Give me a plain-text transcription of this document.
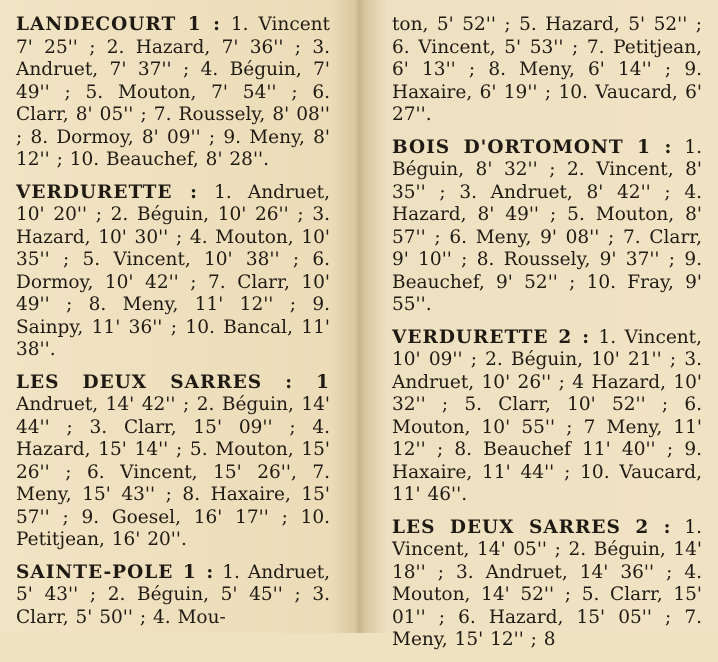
LANDECOURT 1 : 1. Vincent 7' 25'' ; 2. Hazard, 7' 36'' ; 3. Andruet, 7' 37'' ; 4. Béguin, 7' 49'' ; 5. Mouton, 7' 54'' ; 6. Clarr, 8' 05'' ; 7. Roussely, 8' 08'' ; 8. Dormoy, 8' 09'' ; 9. Meny, 8' 12'' ; 10. Beauchef, 8' 28''.

VERDURETTE : 1. Andruet, 10' 20'' ; 2. Béguin, 10' 26'' ; 3. Hazard, 10' 30'' ; 4. Mouton, 10' 35'' ; 5. Vincent, 10' 38'' ; 6. Dormoy, 10' 42'' ; 7. Clarr, 10' 49'' ; 8. Meny, 11' 12'' ; 9. Sainpy, 11' 36'' ; 10. Bancal, 11' 38''.

LES DEUX SARRES : 1 Andruet, 14' 42'' ; 2. Béguin, 14' 44'' ; 3. Clarr, 15' 09'' ; 4. Hazard, 15' 14'' ; 5. Mouton, 15' 26'' ; 6. Vincent, 15' 26'', 7. Meny, 15' 43'' ; 8. Haxaire, 15' 57'' ; 9. Goesel, 16' 17'' ; 10. Petitjean, 16' 20''.

SAINTE-POLE 1 : 1. Andruet, 5' 43'' ; 2. Béguin, 5' 45'' ; 3. Clarr, 5' 50'' ; 4. Mou-

ton, 5' 52'' ; 5. Hazard, 5' 52'' ; 6. Vincent, 5' 53'' ; 7. Petitjean, 6' 13'' ; 8. Meny, 6' 14'' ; 9. Haxaire, 6' 19'' ; 10. Vaucard, 6' 27''.

BOIS D'ORTOMONT 1 : 1. Béguin, 8' 32'' ; 2. Vincent, 8' 35'' ; 3. Andruet, 8' 42'' ; 4. Hazard, 8' 49'' ; 5. Mouton, 8' 57'' ; 6. Meny, 9' 08'' ; 7. Clarr, 9' 10'' ; 8. Roussely, 9' 37'' ; 9. Beauchef, 9' 52'' ; 10. Fray, 9' 55''.

VERDURETTE 2 : 1. Vincent, 10' 09'' ; 2. Béguin, 10' 21'' ; 3. Andruet, 10' 26'' ; 4 Hazard, 10' 32'' ; 5. Clarr, 10' 52'' ; 6. Mouton, 10' 55'' ; 7 Meny, 11' 12'' ; 8. Beauchef 11' 40'' ; 9. Haxaire, 11' 44'' ; 10. Vaucard, 11' 46''.

LES DEUX SARRES 2 : 1. Vincent, 14' 05'' ; 2. Béguin, 14' 18'' ; 3. Andruet, 14' 36'' ; 4. Mouton, 14' 52'' ; 5. Clarr, 15' 01'' ; 6. Hazard, 15' 05'' ; 7. Meny, 15' 12'' ; 8
